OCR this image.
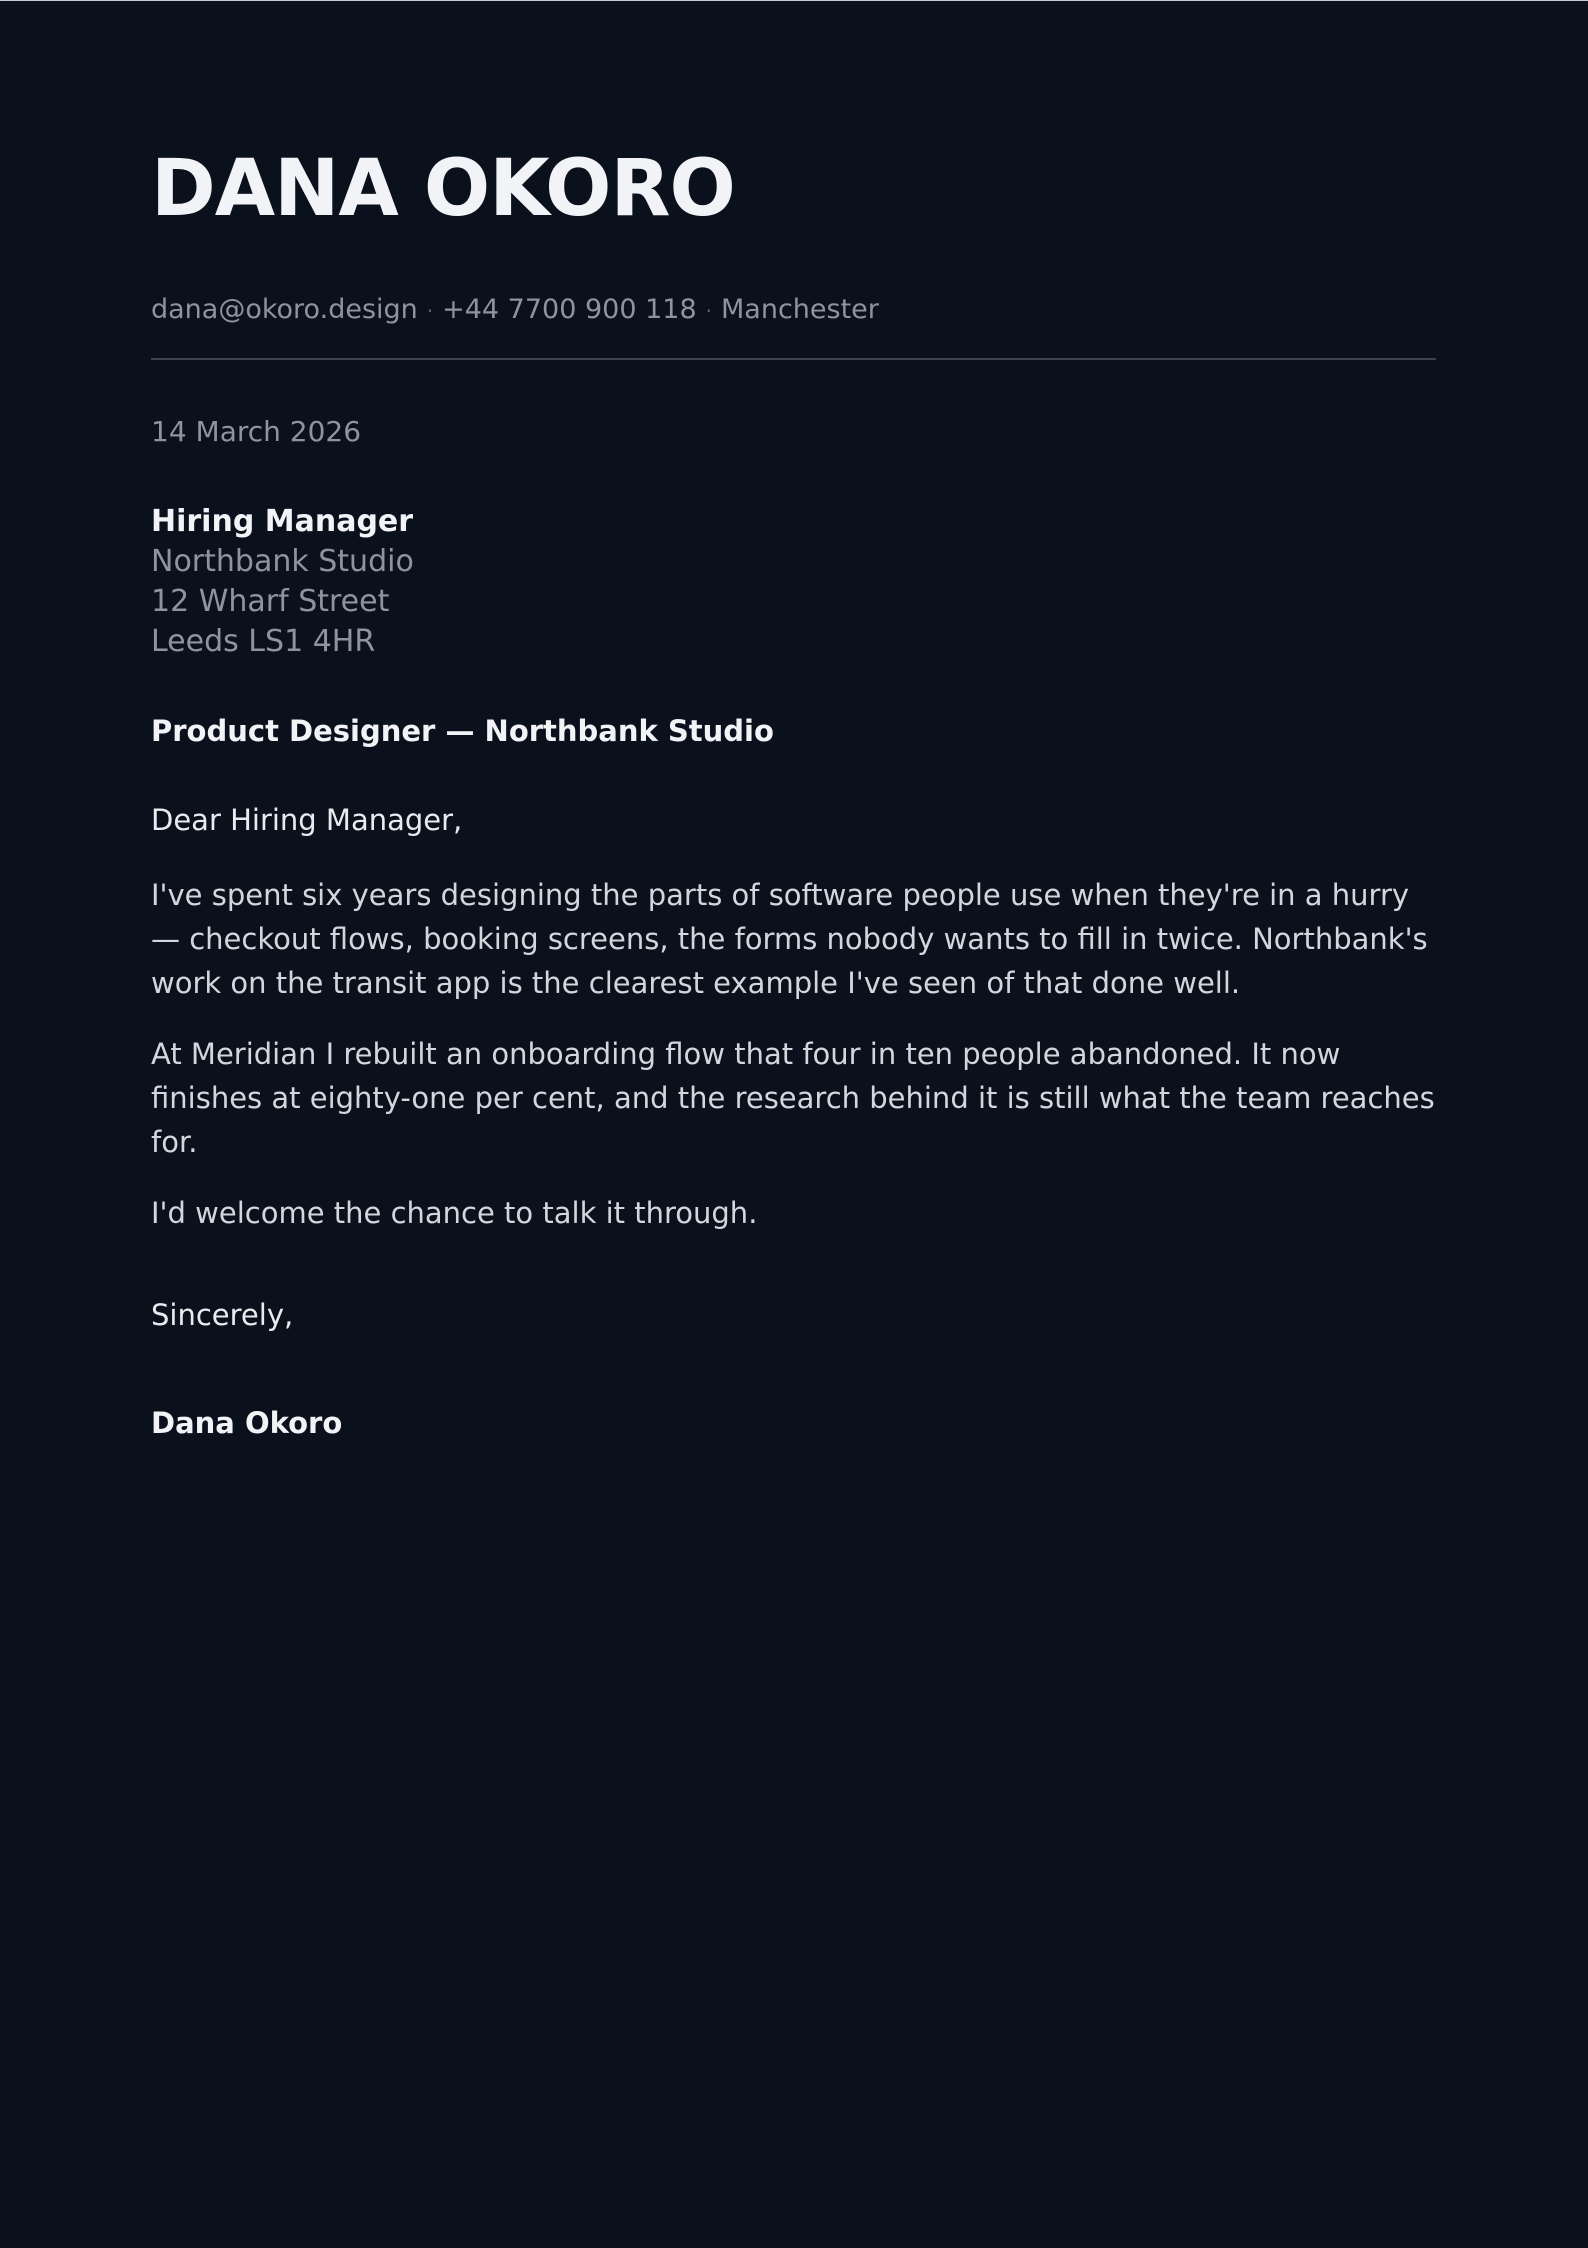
DANA OKORO
dana@okoro.design · +44 7700 900 118 · Manchester
14 March 2026
Hiring Manager
Northbank Studio
12 Wharf Street
Leeds LS1 4HR
Product Designer — Northbank Studio
Dear Hiring Manager,

I've spent six years designing the parts of software people use when they're in a hurry — checkout flows, booking screens, the forms nobody wants to fill in twice. Northbank's work on the transit app is the clearest example I've seen of that done well.

At Meridian I rebuilt an onboarding flow that four in ten people abandoned. It now finishes at eighty-one per cent, and the research behind it is still what the team reaches for.

I'd welcome the chance to talk it through.

Sincerely,
Dana Okoro
